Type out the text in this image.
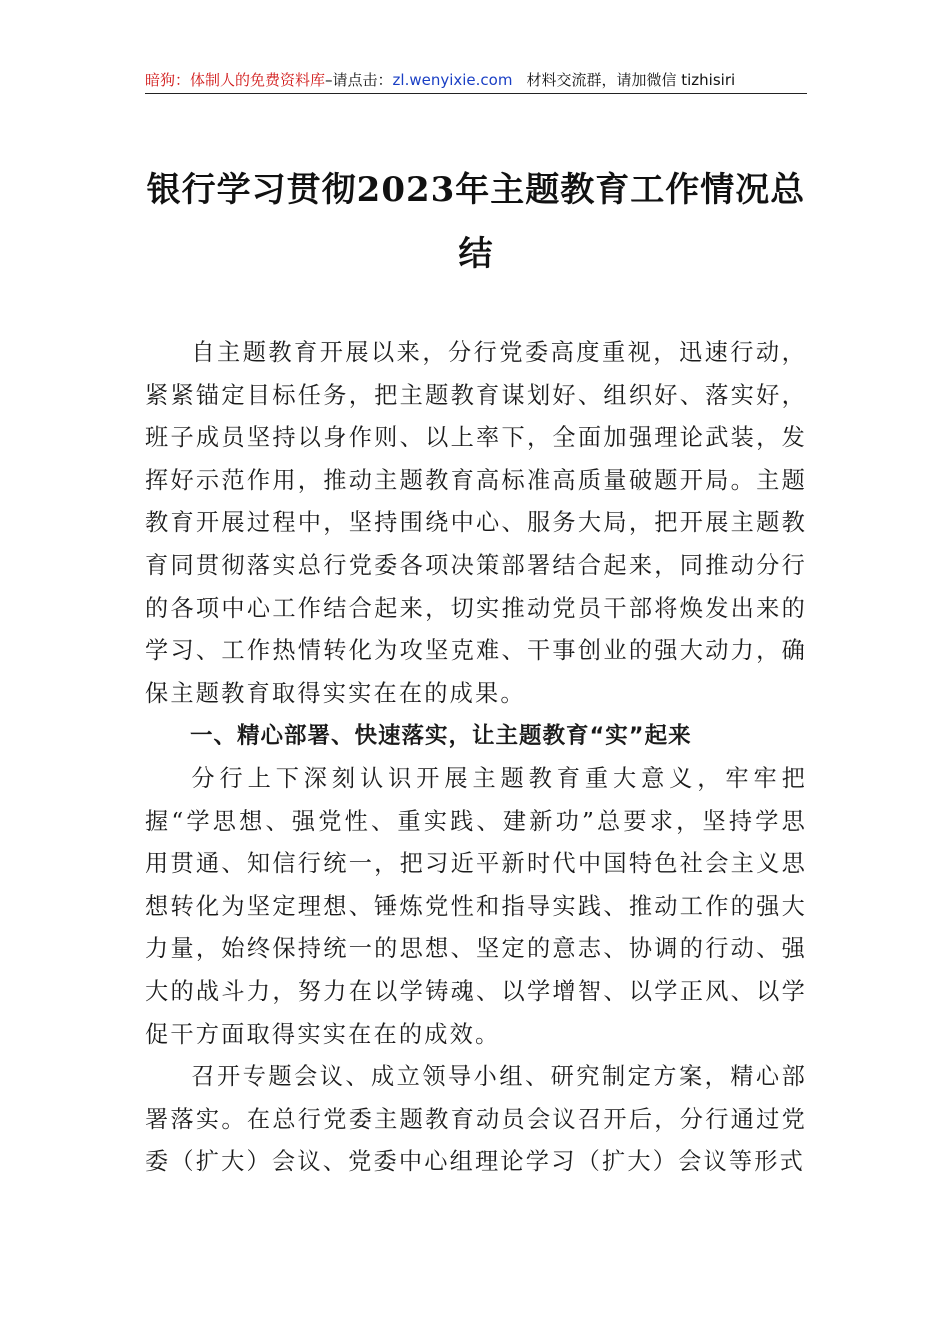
暗狗：体制人的免费资料库–请点击：zl.wenyixie.com 材料交流群，请加微信 tizhisiri
银行学习贯彻2023年主题教育工作情况总
结

自主题教育开展以来，分行党委高度重视，迅速行动，紧紧锚定目标任务，把主题教育谋划好、组织好、落实好，班子成员坚持以身作则、以上率下，全面加强理论武装，发挥好示范作用，推动主题教育高标准高质量破题开局。主题教育开展过程中，坚持围绕中心、服务大局，把开展主题教育同贯彻落实总行党委各项决策部署结合起来，同推动分行的各项中心工作结合起来，切实推动党员干部将焕发出来的学习、工作热情转化为攻坚克难、干事创业的强大动力，确保主题教育取得实实在在的成果。

一、精心部署、快速落实，让主题教育“实”起来

分行上下深刻认识开展主题教育重大意义，牢牢把握“学思想、强党性、重实践、建新功”总要求，坚持学思用贯通、知信行统一，把习近平新时代中国特色社会主义思想转化为坚定理想、锤炼党性和指导实践、推动工作的强大力量，始终保持统一的思想、坚定的意志、协调的行动、强大的战斗力，努力在以学铸魂、以学增智、以学正风、以学促干方面取得实实在在的成效。

召开专题会议、成立领导小组、研究制定方案，精心部署落实。在总行党委主题教育动员会议召开后，分行通过党委（扩大）会议、党委中心组理论学习（扩大）会议等形式
